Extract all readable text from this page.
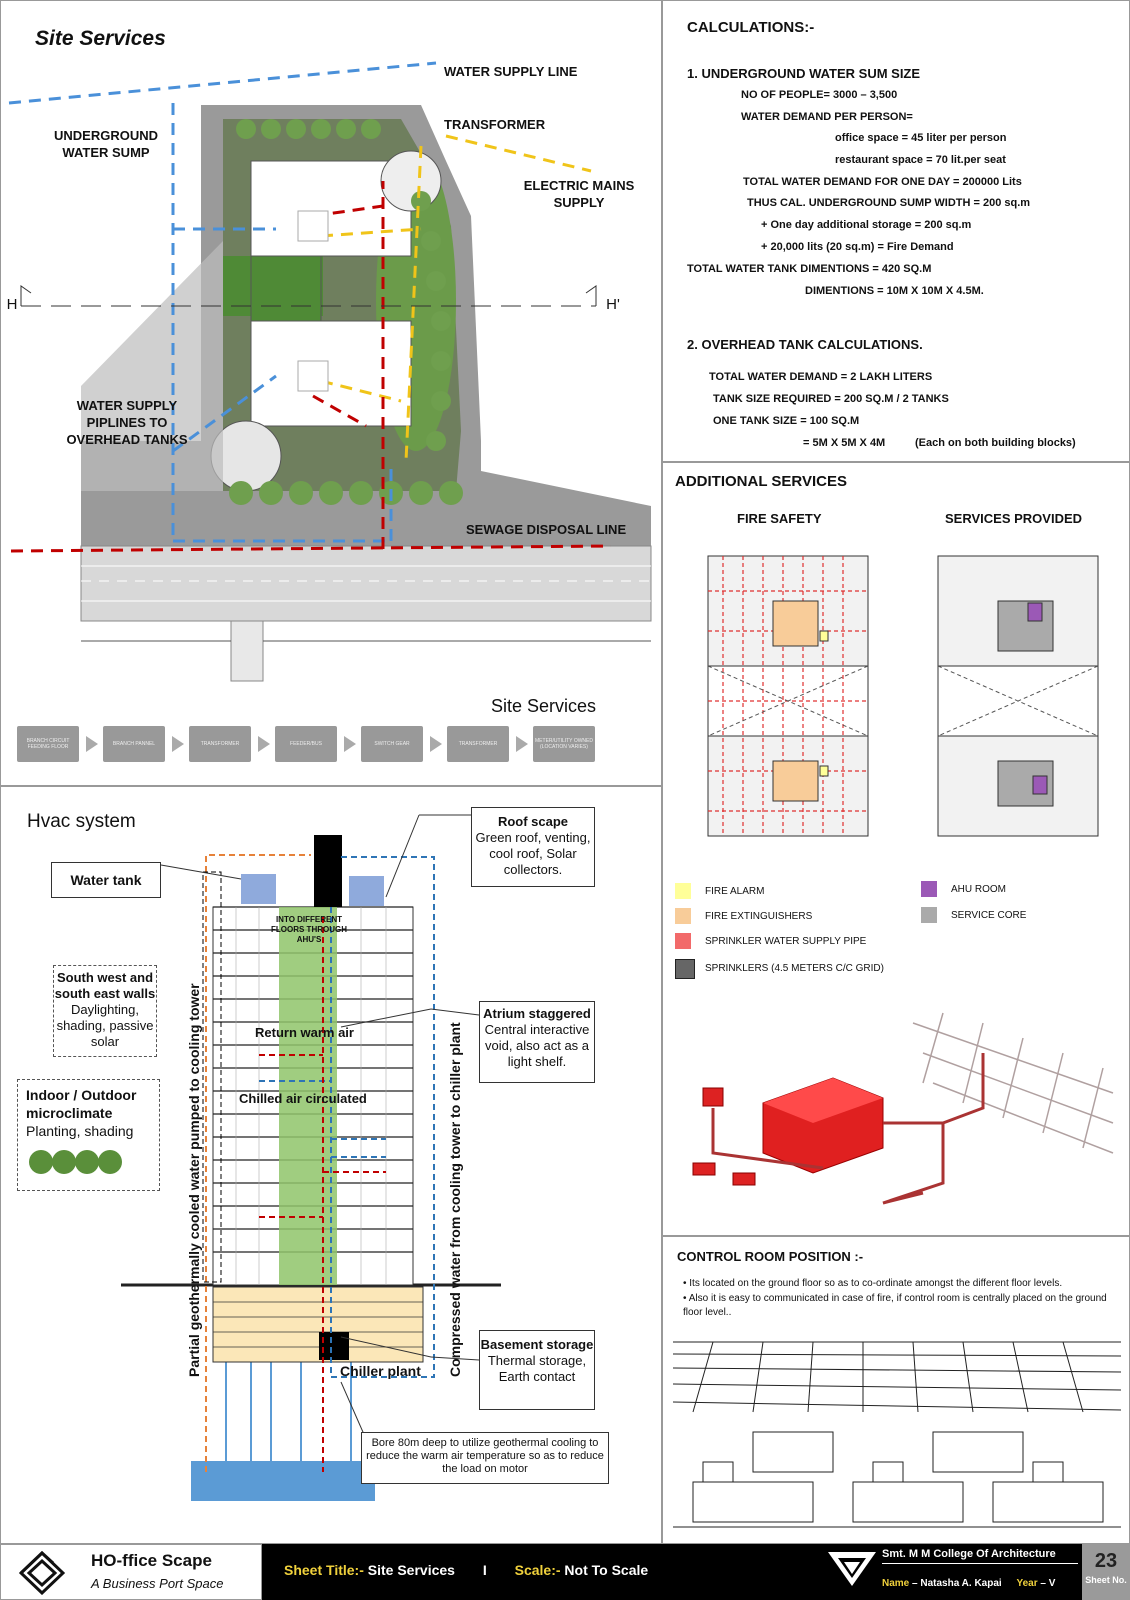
Site Services
WATER SUPPLY LINE
UNDERGROUND WATER SUMP
TRANSFORMER
ELECTRIC MAINS SUPPLY
H	H'
WATER SUPPLY PIPLINES TO OVERHEAD TANKS
SEWAGE DISPOSAL LINE
Site Services
BRANCH CIRCUIT FEEDING FLOOR	BRANCH PANNEL	TRANSFORMER	FEEDER/BUS	SWITCH GEAR	TRANSFORMER	METER/UTILITY OWNED (LOCATION VARIES)
CALCULATIONS:-
1. UNDERGROUND WATER SUM SIZE
NO OF PEOPLE= 3000 – 3,500
WATER DEMAND PER PERSON=
office space = 45 liter per person
restaurant space = 70 lit.per seat
TOTAL WATER DEMAND FOR ONE DAY = 200000 Lits
THUS CAL. UNDERGROUND SUMP WIDTH = 200 sq.m
+ One day additional storage = 200 sq.m
+ 20,000 lits (20 sq.m) = Fire Demand
TOTAL WATER TANK DIMENTIONS = 420 SQ.M
DIMENTIONS = 10M X 10M X 4.5M.
2. OVERHEAD TANK CALCULATIONS.
TOTAL WATER DEMAND = 2 LAKH LITERS
TANK SIZE REQUIRED = 200 SQ.M / 2 TANKS
ONE TANK SIZE = 100 SQ.M
= 5M X 5M X 4M	(Each on both building blocks)
ADDITIONAL SERVICES
FIRE SAFETY	SERVICES PROVIDED
FIRE ALARM
FIRE EXTINGUISHERS
SPRINKLER WATER SUPPLY PIPE
SPRINKLERS (4.5 METERS C/C GRID)
AHU ROOM
SERVICE CORE
CONTROL ROOM POSITION :-
• Its located on the ground floor so as to co-ordinate amongst the different floor levels.
• Also it is easy to communicated in case of fire, if control room is centrally placed on the ground floor level..
Hvac system
Water tank
Roof scape
Green roof, venting, cool roof, Solar collectors.
South west and south east walls
Daylighting, shading, passive solar
Indoor / Outdoor microclimate
Planting, shading
Atrium staggered
Central interactive void, also act as a light shelf.
Basement storage
Thermal storage, Earth contact
Bore 80m deep to utilize geothermal cooling to reduce the warm air temperature so as to reduce the load on motor
INTO DIFFERENT FLOORS THROUGH AHU'S
Return warm air
Chilled air circulated
Chiller plant
Partial geothermally cooled water pumped to cooling tower	Compressed water from cooling tower to chiller plant
HO-ffice Scape
A Business Port Space
Sheet Title:- Site Services I Scale:- Not To Scale
Smt. M M College Of Architecture
Name – Natasha A. Kapai Year – V
23
Sheet No.
